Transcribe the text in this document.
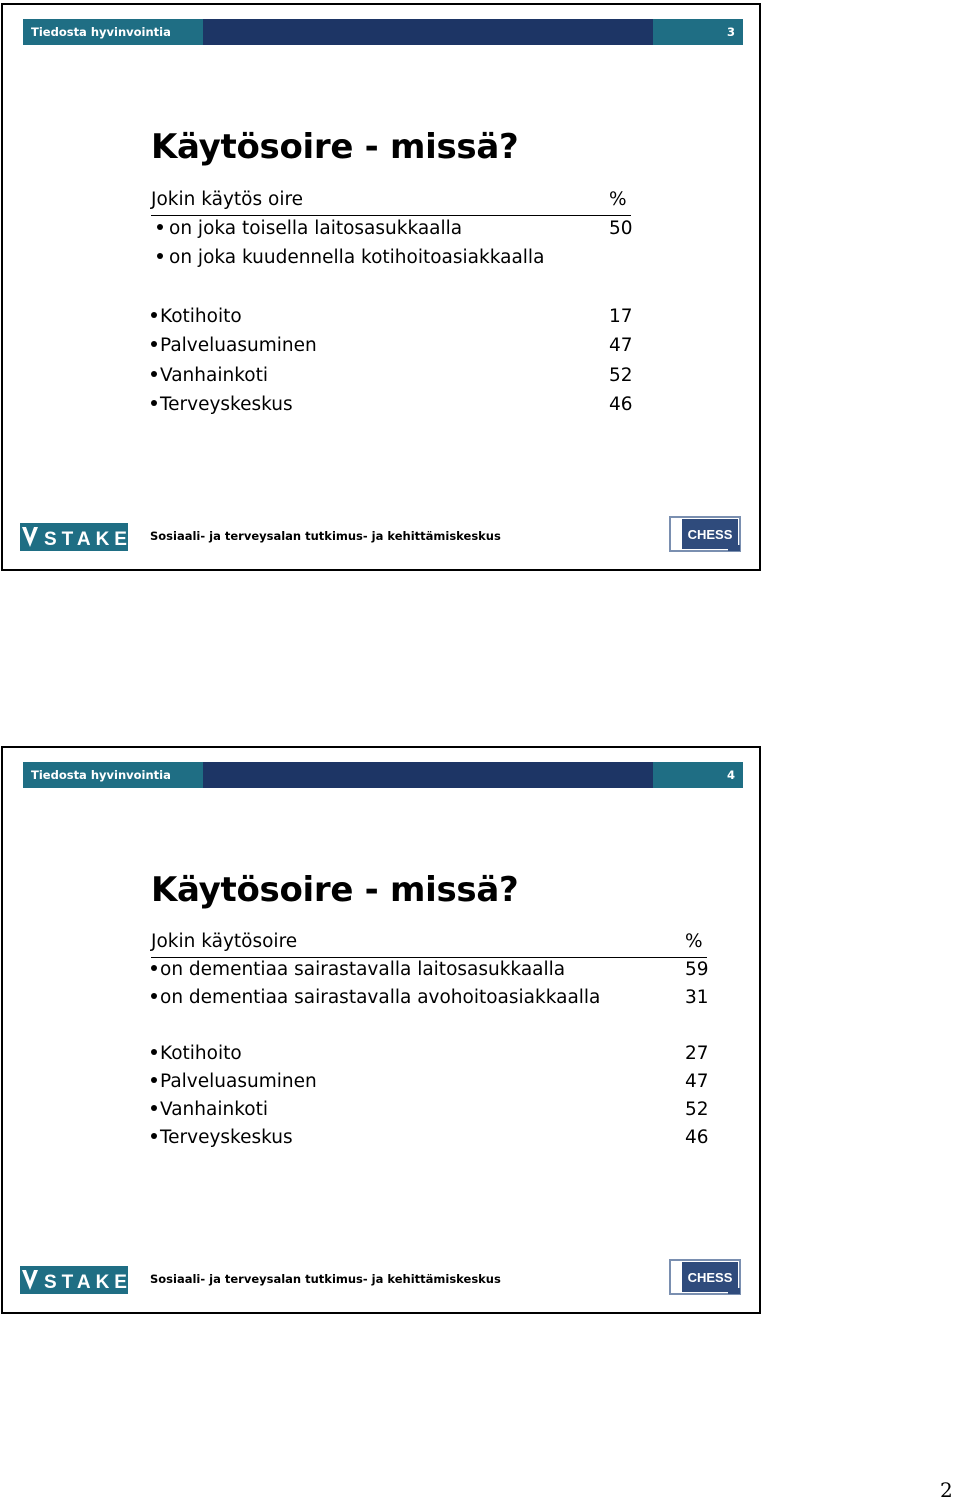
Tiedosta hyvinvointia	3
Käytösoire - missä?
Jokin käytös oire	%
on joka toisella laitosasukkaalla	50
on joka kuudennella kotihoitoasiakkaalla
Kotihoito	17
Palveluasuminen	47
Vanhainkoti	52
Terveyskeskus	46
STAKES Sosiaali- ja terveysalan tutkimus- ja kehittämiskeskus	CHESS
Tiedosta hyvinvointia	4
Käytösoire - missä?
Jokin käytösoire	%
on dementiaa sairastavalla laitosasukkaalla	59
on dementiaa sairastavalla avohoitoasiakkaalla	31
Kotihoito	27
Palveluasuminen	47
Vanhainkoti	52
Terveyskeskus	46
STAKES Sosiaali- ja terveysalan tutkimus- ja kehittämiskeskus	CHESS
2
